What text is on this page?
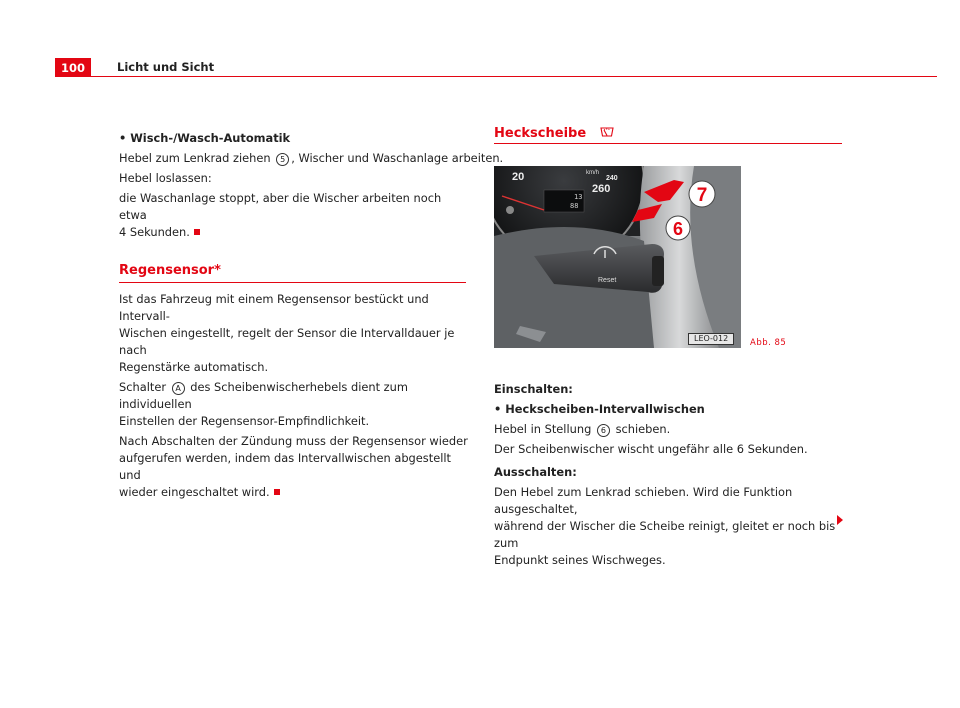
100	Licht und Sicht

• Wisch-/Wasch-Automatik

Hebel zum Lenkrad ziehen 5 , Wischer und Waschanlage arbeiten.

Hebel loslassen:

die Waschanlage stoppt, aber die Wischer arbeiten noch etwa
4 Sekunden.

Regensensor*

Ist das Fahrzeug mit einem Regensensor bestückt und Intervall-
Wischen eingestellt, regelt der Sensor die Intervalldauer je nach
Regenstärke automatisch.

Schalter A des Scheibenwischerhebels dient zum individuellen
Einstellen der Regensensor-Empfindlichkeit.

Nach Abschalten der Zündung muss der Regensensor wieder
aufgerufen werden, indem das Intervallwischen abgestellt und
wieder eingeschaltet wird.

Heckscheibe
20	km/h
240
260
13
88
Reset
7
6
LEO-012	Abb. 85

Einschalten:

• Heckscheiben-Intervallwischen

Hebel in Stellung 6 schieben.

Der Scheibenwischer wischt ungefähr alle 6 Sekunden.

Ausschalten:

Den Hebel zum Lenkrad schieben. Wird die Funktion ausgeschaltet,
während der Wischer die Scheibe reinigt, gleitet er noch bis zum
Endpunkt seines Wischweges.
